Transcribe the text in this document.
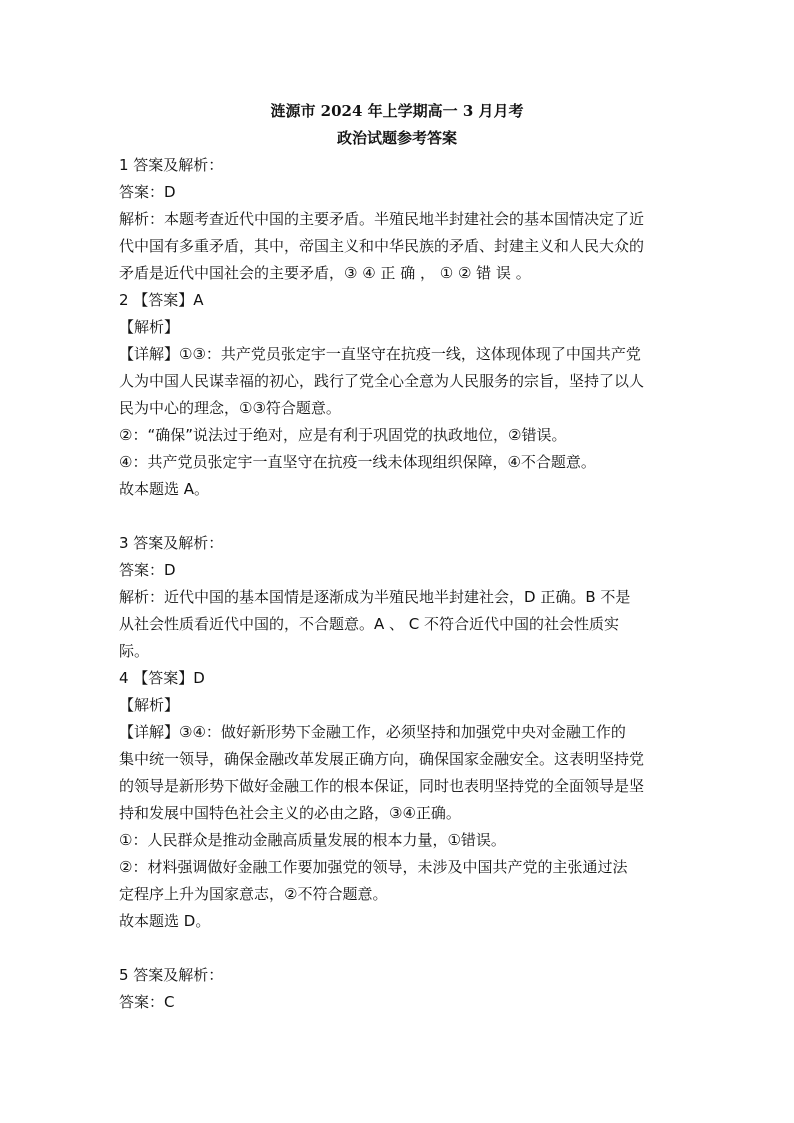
涟源市 2024 年上学期高一 3 月月考
政治试题参考答案
1 答案及解析：
答案：D
解析：本题考查近代中国的主要矛盾。半殖民地半封建社会的基本国情决定了近
代中国有多重矛盾，其中，帝国主义和中华民族的矛盾、封建主义和人民大众的
矛盾是近代中国社会的主要矛盾，③ ④ 正 确 ， ① ② 错 误 。
2 【答案】A
【解析】
【详解】①③：共产党员张定宇一直坚守在抗疫一线，这体现体现了中国共产党
人为中国人民谋幸福的初心，践行了党全心全意为人民服务的宗旨，坚持了以人
民为中心的理念，①③符合题意。
②：“确保”说法过于绝对，应是有利于巩固党的执政地位，②错误。
④：共产党员张定宇一直坚守在抗疫一线未体现组织保障，④不合题意。
故本题选 A。
3 答案及解析：
答案：D
解析：近代中国的基本国情是逐渐成为半殖民地半封建社会，D 正确。B 不是
从社会性质看近代中国的，不合题意。A 、 C 不符合近代中国的社会性质实
际。
4 【答案】D
【解析】
【详解】③④：做好新形势下金融工作，必须坚持和加强党中央对金融工作的
集中统一领导，确保金融改革发展正确方向，确保国家金融安全。这表明坚持党
的领导是新形势下做好金融工作的根本保证，同时也表明坚持党的全面领导是坚
持和发展中国特色社会主义的必由之路，③④正确。
①：人民群众是推动金融高质量发展的根本力量，①错误。
②：材料强调做好金融工作要加强党的领导，未涉及中国共产党的主张通过法
定程序上升为国家意志，②不符合题意。
故本题选 D。
5 答案及解析：
答案：C
